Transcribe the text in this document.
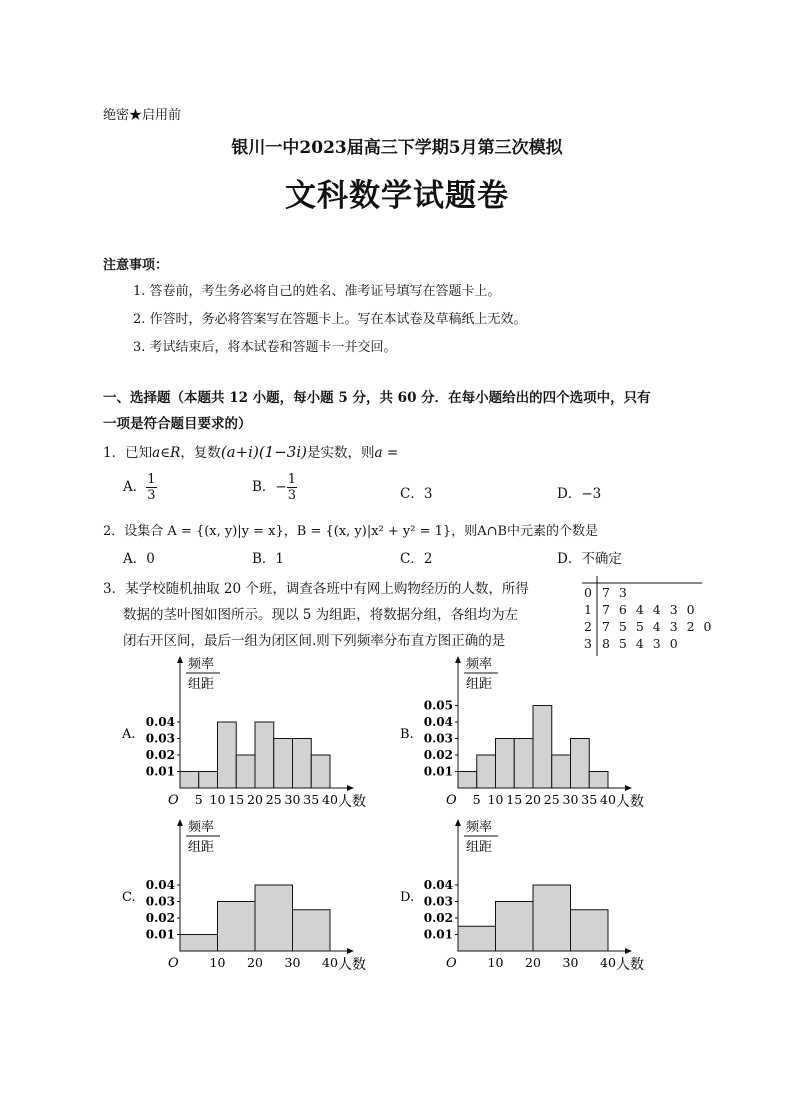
绝密★启用前
银川一中2023届高三下学期5月第三次模拟
文科数学试题卷
注意事项：
1. 答卷前，考生务必将自己的姓名、准考证号填写在答题卡上。
2. 作答时，务必将答案写在答题卡上。写在本试卷及草稿纸上无效。
3. 考试结束后，将本试卷和答题卡一并交回。
一、选择题（本题共 12 小题，每小题 5 分，共 60 分．在每小题给出的四个选项中，只有
一项是符合题目要求的）
1．已知a∈R，复数(a+i)(1−3i)是实数，则a =
A． $\frac{1}{3}$	B．− $\frac{1}{3}$	C．3	D．−3
2．设集合 A = {(x, y)|y = x}，B = {(x, y)|x² + y² = 1}，则A∩B中元素的个数是
A．0	B．1	C．2	D．不确定
3．某学校随机抽取 20 个班，调查各班中有网上购物经历的人数，所得
数据的茎叶图如图所示。现以 5 为组距，将数据分组，各组均为左
闭右开区间，最后一组为闭区间.则下列频率分布直方图正确的是
0 7 3
1 7 6 4 4 3 0
2 7 5 5 4 3 2 0
3 8 5 4 3 0
A.
频率
组距
0.04
0.03
0.02
0.01
5 10 15 20 25 30 35 40
O	人数
B.
频率
组距
0.05
0.04
0.03
0.02
0.01
5 10 15 20 25 30 35 40
O	人数
C.
频率
组距
0.04
0.03
0.02
0.01
10 20 30 40
O	人数
D.
频率
组距
0.04
0.03
0.02
0.01
10 20 30 40
O	人数
